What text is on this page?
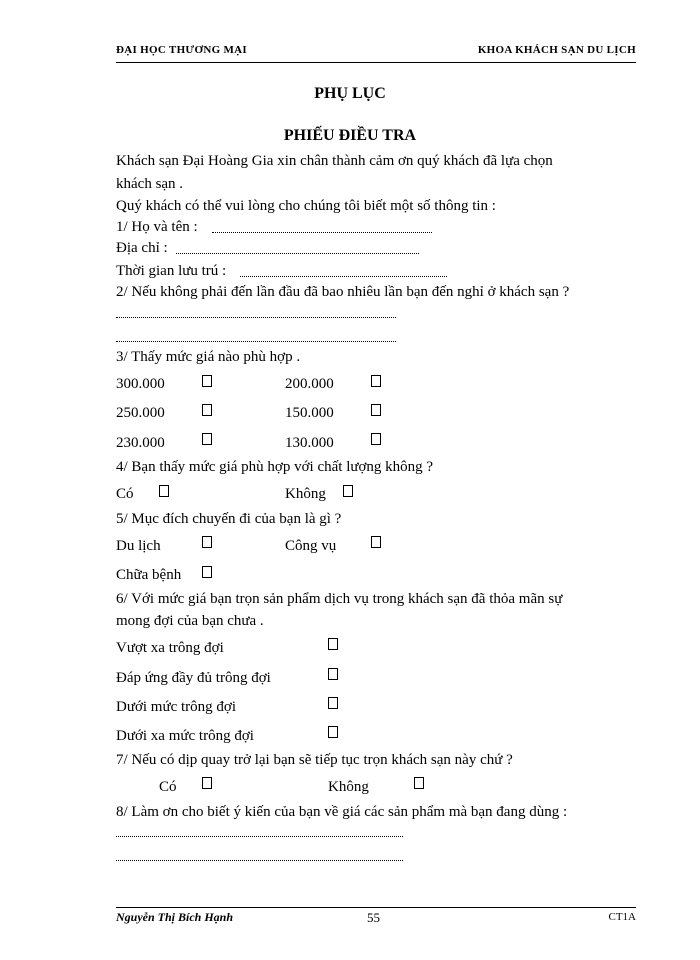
ĐẠI HỌC THƯƠNG MẠI	KHOA KHÁCH SẠN DU LỊCH
PHỤ LỤC
PHIẾU ĐIỀU TRA
Khách sạn Đại Hoàng Gia xin chân thành cảm ơn quý khách đã lựa chọn
khách sạn .
Quý khách có thể vui lòng cho chúng tôi biết một số thông tin :
1/ Họ và tên :
Địa chỉ :
Thời gian lưu trú :
2/ Nếu không phải đến lần đầu đã bao nhiêu lần bạn đến nghỉ ở khách sạn ?
3/ Thấy mức giá nào phù hợp .
300.000	200.000
250.000	150.000
230.000	130.000
4/ Bạn thấy mức giá phù hợp với chất lượng không ?
Có	Không
5/ Mục đích chuyến đi của bạn là gì ?
Du lịch	Công vụ
Chữa bệnh
6/ Với mức giá bạn trọn sản phẩm dịch vụ trong khách sạn đã thỏa mãn sự
mong đợi của bạn chưa .
Vượt xa trông đợi
Đáp ứng đầy đủ trông đợi
Dưới mức trông đợi
Dưới xa mức trông đợi
7/ Nếu có dịp quay trở lại bạn sẽ tiếp tục trọn khách sạn này chứ ?
Có	Không
8/ Làm ơn cho biết ý kiến của bạn về giá các sản phẩm mà bạn đang dùng :
Nguyễn Thị Bích Hạnh	55	CT1A
